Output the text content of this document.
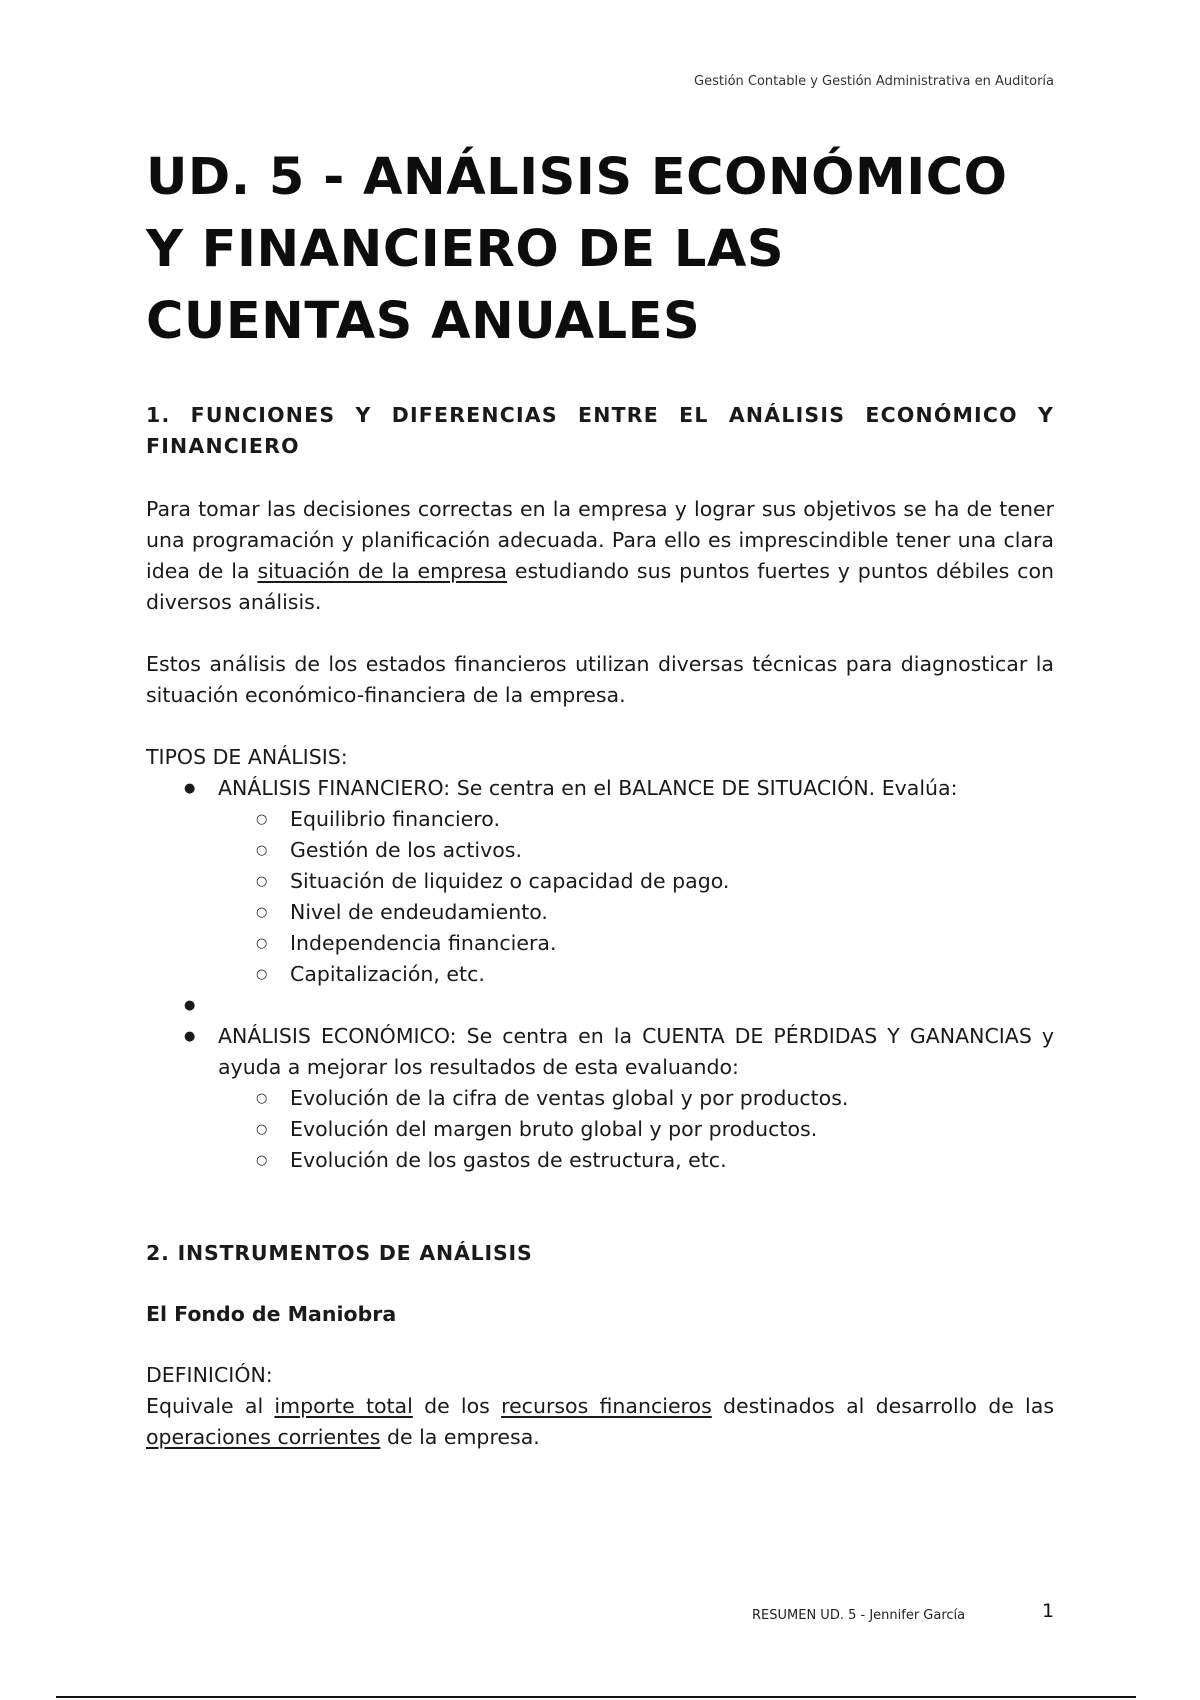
Gestión Contable y Gestión Administrativa en Auditoría
UD. 5 - ANÁLISIS ECONÓMICO
Y FINANCIERO DE LAS
CUENTAS ANUALES

1. FUNCIONES Y DIFERENCIAS ENTRE EL ANÁLISIS ECONÓMICO Y FINANCIERO

Para tomar las decisiones correctas en la empresa y lograr sus objetivos se ha de tener una programación y planificación adecuada. Para ello es imprescindible tener una clara idea de la situación de la empresa estudiando sus puntos fuertes y puntos débiles con diversos análisis.

Estos análisis de los estados financieros utilizan diversas técnicas para diagnosticar la situación económico-financiera de la empresa.

TIPOS DE ANÁLISIS:

● ANÁLISIS FINANCIERO: Se centra en el BALANCE DE SITUACIÓN. Evalúa:
○ Equilibrio financiero.
○ Gestión de los activos.
○ Situación de liquidez o capacidad de pago.
○ Nivel de endeudamiento.
○ Independencia financiera.
○ Capitalización, etc.
●
● ANÁLISIS ECONÓMICO: Se centra en la CUENTA DE PÉRDIDAS Y GANANCIAS y ayuda a mejorar los resultados de esta evaluando:
○ Evolución de la cifra de ventas global y por productos.
○ Evolución del margen bruto global y por productos.
○ Evolución de los gastos de estructura, etc.

2. INSTRUMENTOS DE ANÁLISIS

El Fondo de Maniobra

DEFINICIÓN:

Equivale al importe total de los recursos financieros destinados al desarrollo de las operaciones corrientes de la empresa.

RESUMEN UD. 5 - Jennifer García	1
